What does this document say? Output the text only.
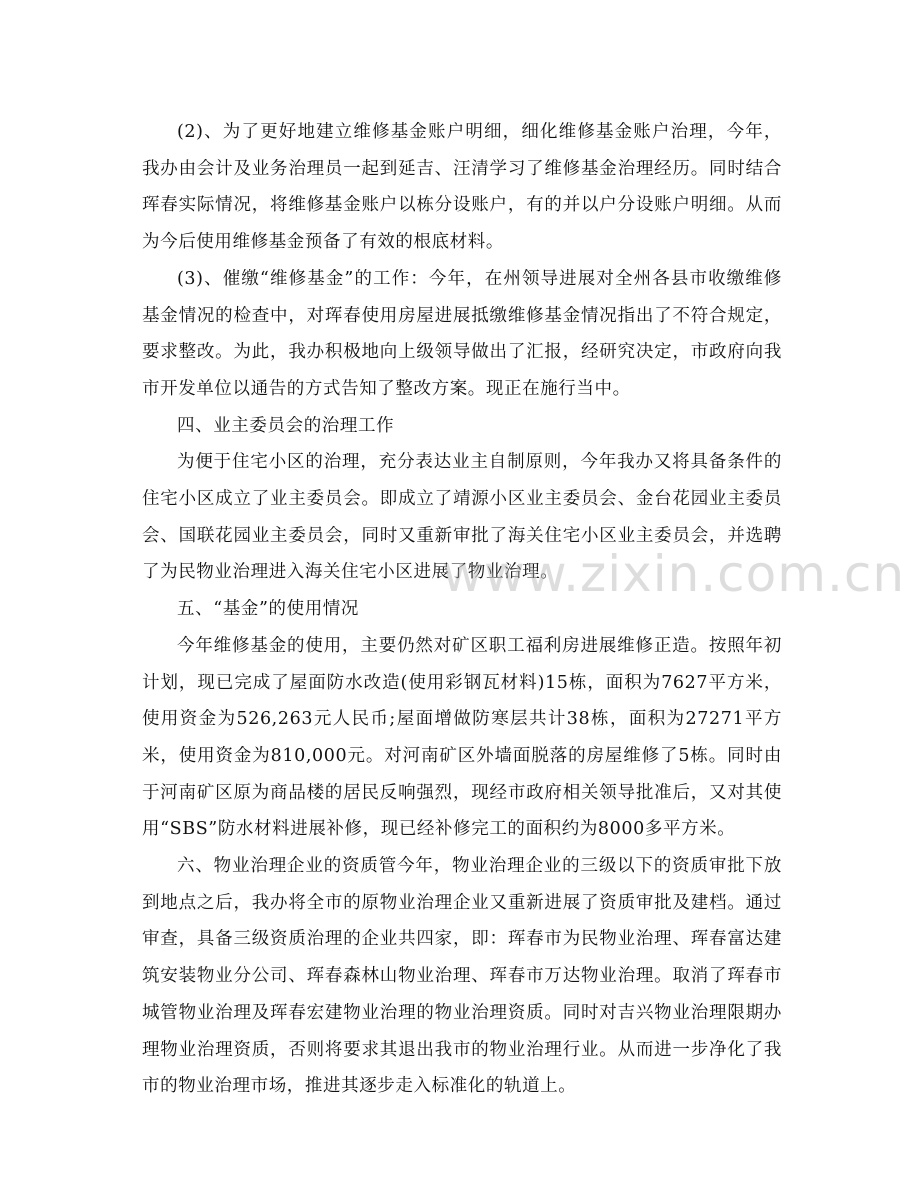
(2)、为了更好地建立维修基金账户明细，细化维修基金账户治理，今年，我办由会计及业务治理员一起到延吉、汪清学习了维修基金治理经历。同时结合珲春实际情况，将维修基金账户以栋分设账户，有的并以户分设账户明细。从而为今后使用维修基金预备了有效的根底材料。

(3)、催缴“维修基金”的工作：今年，在州领导进展对全州各县市收缴维修基金情况的检查中，对珲春使用房屋进展抵缴维修基金情况指出了不符合规定，要求整改。为此，我办积极地向上级领导做出了汇报，经研究决定，市政府向我市开发单位以通告的方式告知了整改方案。现正在施行当中。

四、业主委员会的治理工作

为便于住宅小区的治理，充分表达业主自制原则，今年我办又将具备条件的住宅小区成立了业主委员会。即成立了靖源小区业主委员会、金台花园业主委员会、国联花园业主委员会，同时又重新审批了海关住宅小区业主委员会，并选聘了为民物业治理进入海关住宅小区进展了物业治理。

五、“基金”的使用情况

今年维修基金的使用，主要仍然对矿区职工福利房进展维修正造。按照年初计划，现已完成了屋面防水改造(使用彩钢瓦材料)15栋，面积为7627平方米，使用资金为526,263元人民币;屋面增做防寒层共计38栋，面积为27271平方米，使用资金为810,000元。对河南矿区外墙面脱落的房屋维修了5栋。同时由于河南矿区原为商品楼的居民反响强烈，现经市政府相关领导批准后，又对其使用“SBS”防水材料进展补修，现已经补修完工的面积约为8000多平方米。

六、物业治理企业的资质管今年，物业治理企业的三级以下的资质审批下放到地点之后，我办将全市的原物业治理企业又重新进展了资质审批及建档。通过审查，具备三级资质治理的企业共四家，即：珲春市为民物业治理、珲春富达建筑安装物业分公司、珲春森林山物业治理、珲春市万达物业治理。取消了珲春市城管物业治理及珲春宏建物业治理的物业治理资质。同时对吉兴物业治理限期办理物业治理资质，否则将要求其退出我市的物业治理行业。从而进一步净化了我市的物业治理市场，推进其逐步走入标准化的轨道上。

www.zixin.com.cn
